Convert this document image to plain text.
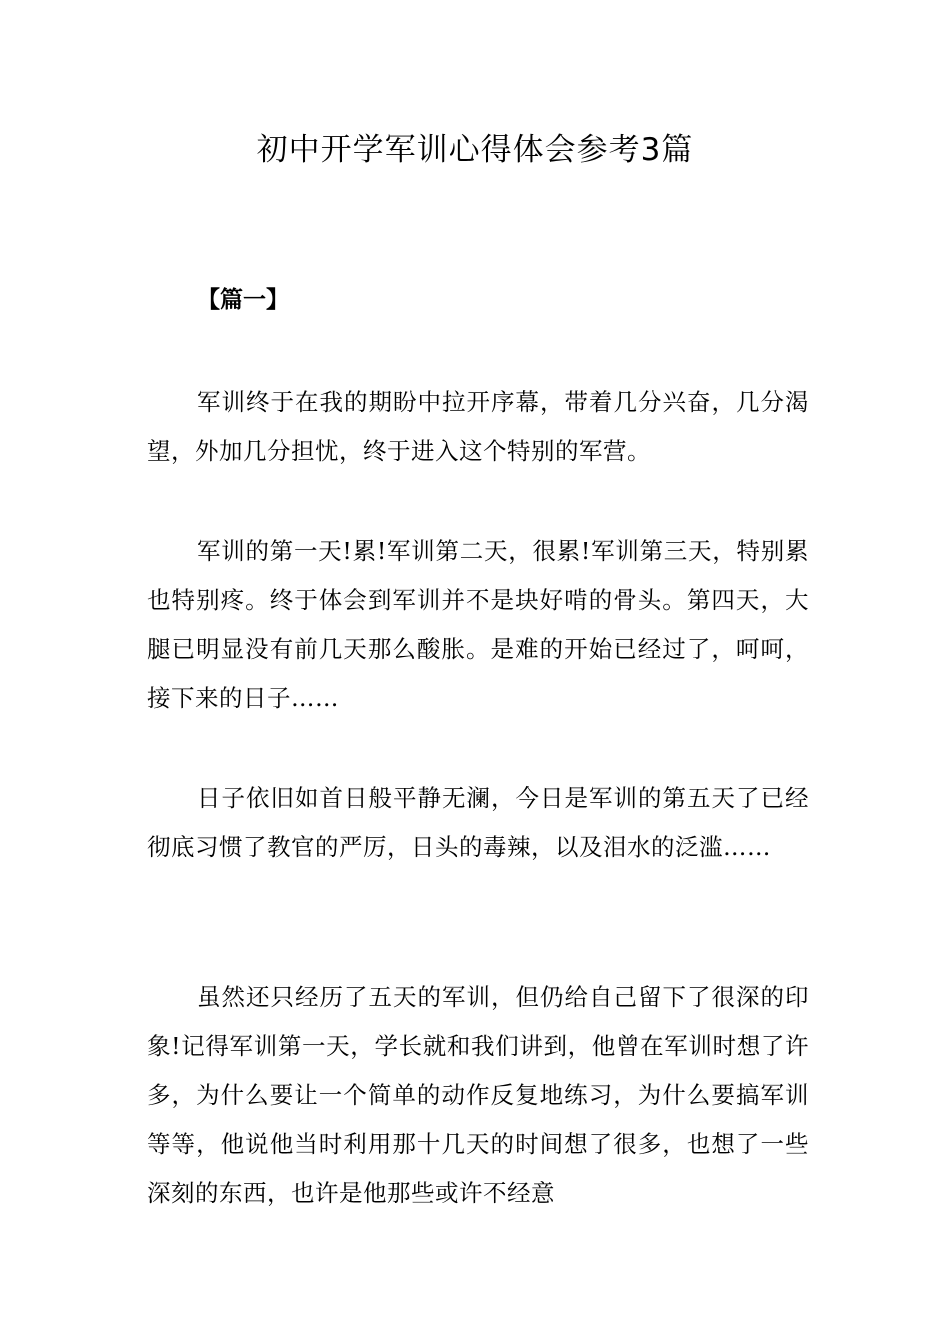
初中开学军训心得体会参考3篇
【篇一】
军训终于在我的期盼中拉开序幕，带着几分兴奋，几分渴望，外加几分担忧，终于进入这个特别的军营。
军训的第一天!累!军训第二天，很累!军训第三天，特别累也特别疼。终于体会到军训并不是块好啃的骨头。第四天，大腿已明显没有前几天那么酸胀。是难的开始已经过了，呵呵，接下来的日子……
日子依旧如首日般平静无澜，今日是军训的第五天了已经彻底习惯了教官的严厉，日头的毒辣，以及泪水的泛滥……
虽然还只经历了五天的军训，但仍给自己留下了很深的印象!记得军训第一天，学长就和我们讲到，他曾在军训时想了许多，为什么要让一个简单的动作反复地练习，为什么要搞军训等等，他说他当时利用那十几天的时间想了很多，也想了一些深刻的东西，也许是他那些或许不经意
